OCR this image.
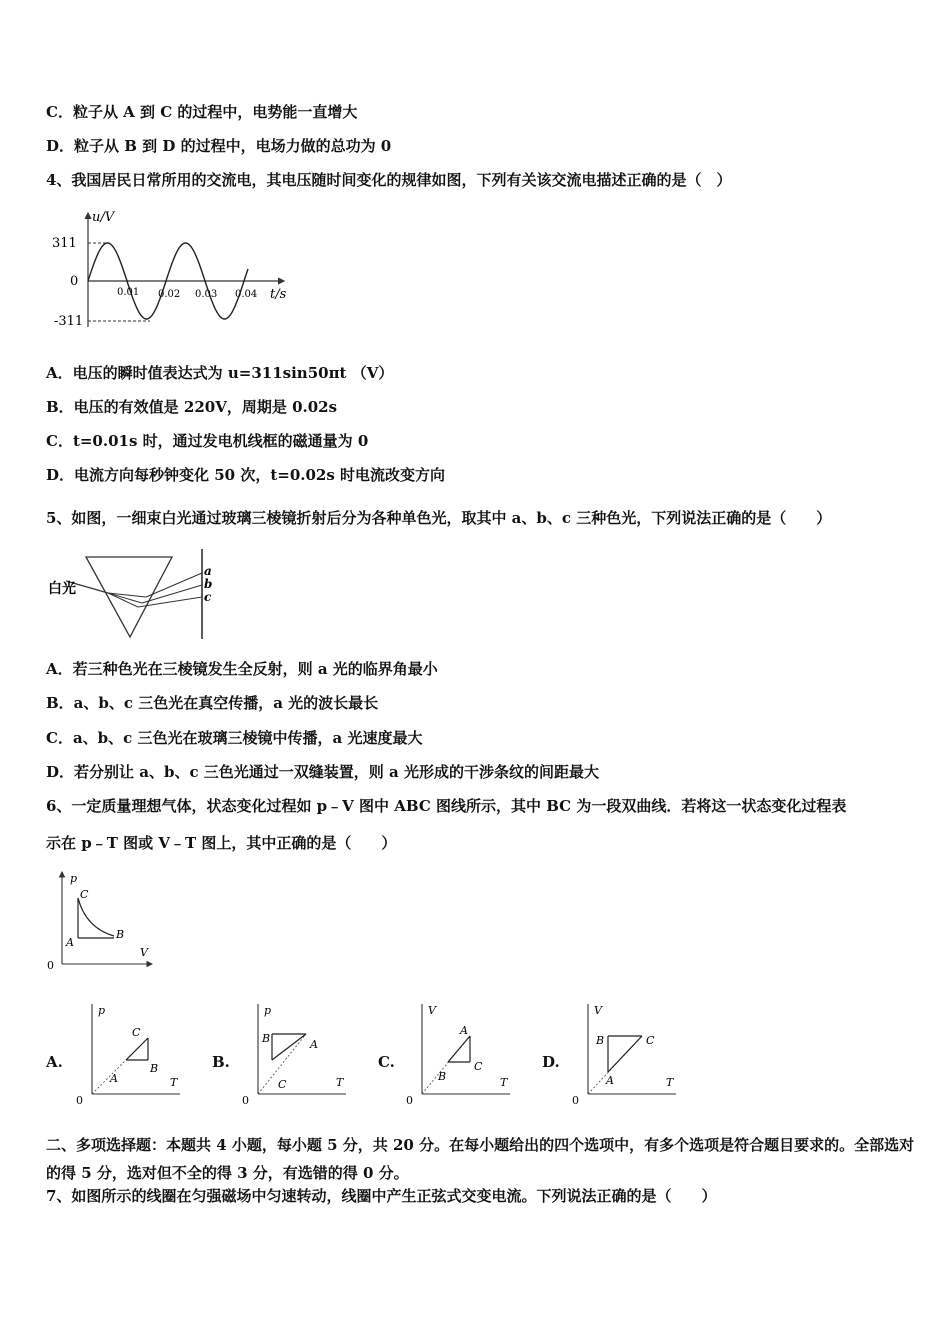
C．粒子从 A 到 C 的过程中，电势能一直增大
D．粒子从 B 到 D 的过程中，电场力做的总功为 0
4、我国居民日常所用的交流电，其电压随时间变化的规律如图，下列有关该交流电描述正确的是（　）
u/V
311
0
-311
0.01 0.02 0.03 0.04 t/s
A．电压的瞬时值表达式为 u=311sin50πt （V）
B．电压的有效值是 220V，周期是 0.02s
C．t=0.01s 时，通过发电机线框的磁通量为 0
D．电流方向每秒钟变化 50 次，t=0.02s 时电流改变方向
5、如图，一细束白光通过玻璃三棱镜折射后分为各种单色光，取其中 a、b、c 三种色光，下列说法正确的是（　　）
白光
a
b
c
A．若三种色光在三棱镜发生全反射，则 a 光的临界角最小
B．a、b、c 三色光在真空传播，a 光的波长最长
C．a、b、c 三色光在玻璃三棱镜中传播，a 光速度最大
D．若分别让 a、b、c 三色光通过一双缝装置，则 a 光形成的干涉条纹的间距最大
6、一定质量理想气体，状态变化过程如 p﹣V 图中 ABC 图线所示，其中 BC 为一段双曲线．若将这一状态变化过程表
示在 p﹣T 图或 V﹣T 图上，其中正确的是（　　）
p
V
0
C
A
B
A.
p
T
0
C
A
B	B.
p
T
0
B	A
C
C.
V
T
0
A
B
C	D.
V
T
0
B	C
A
二、多项选择题：本题共 4 小题，每小题 5 分，共 20 分。在每小题给出的四个选项中，有多个选项是符合题目要求的。全部选对的得 5 分，选对但不全的得 3 分，有选错的得 0 分。
7、如图所示的线圈在匀强磁场中匀速转动，线圈中产生正弦式交变电流。下列说法正确的是（　　）
